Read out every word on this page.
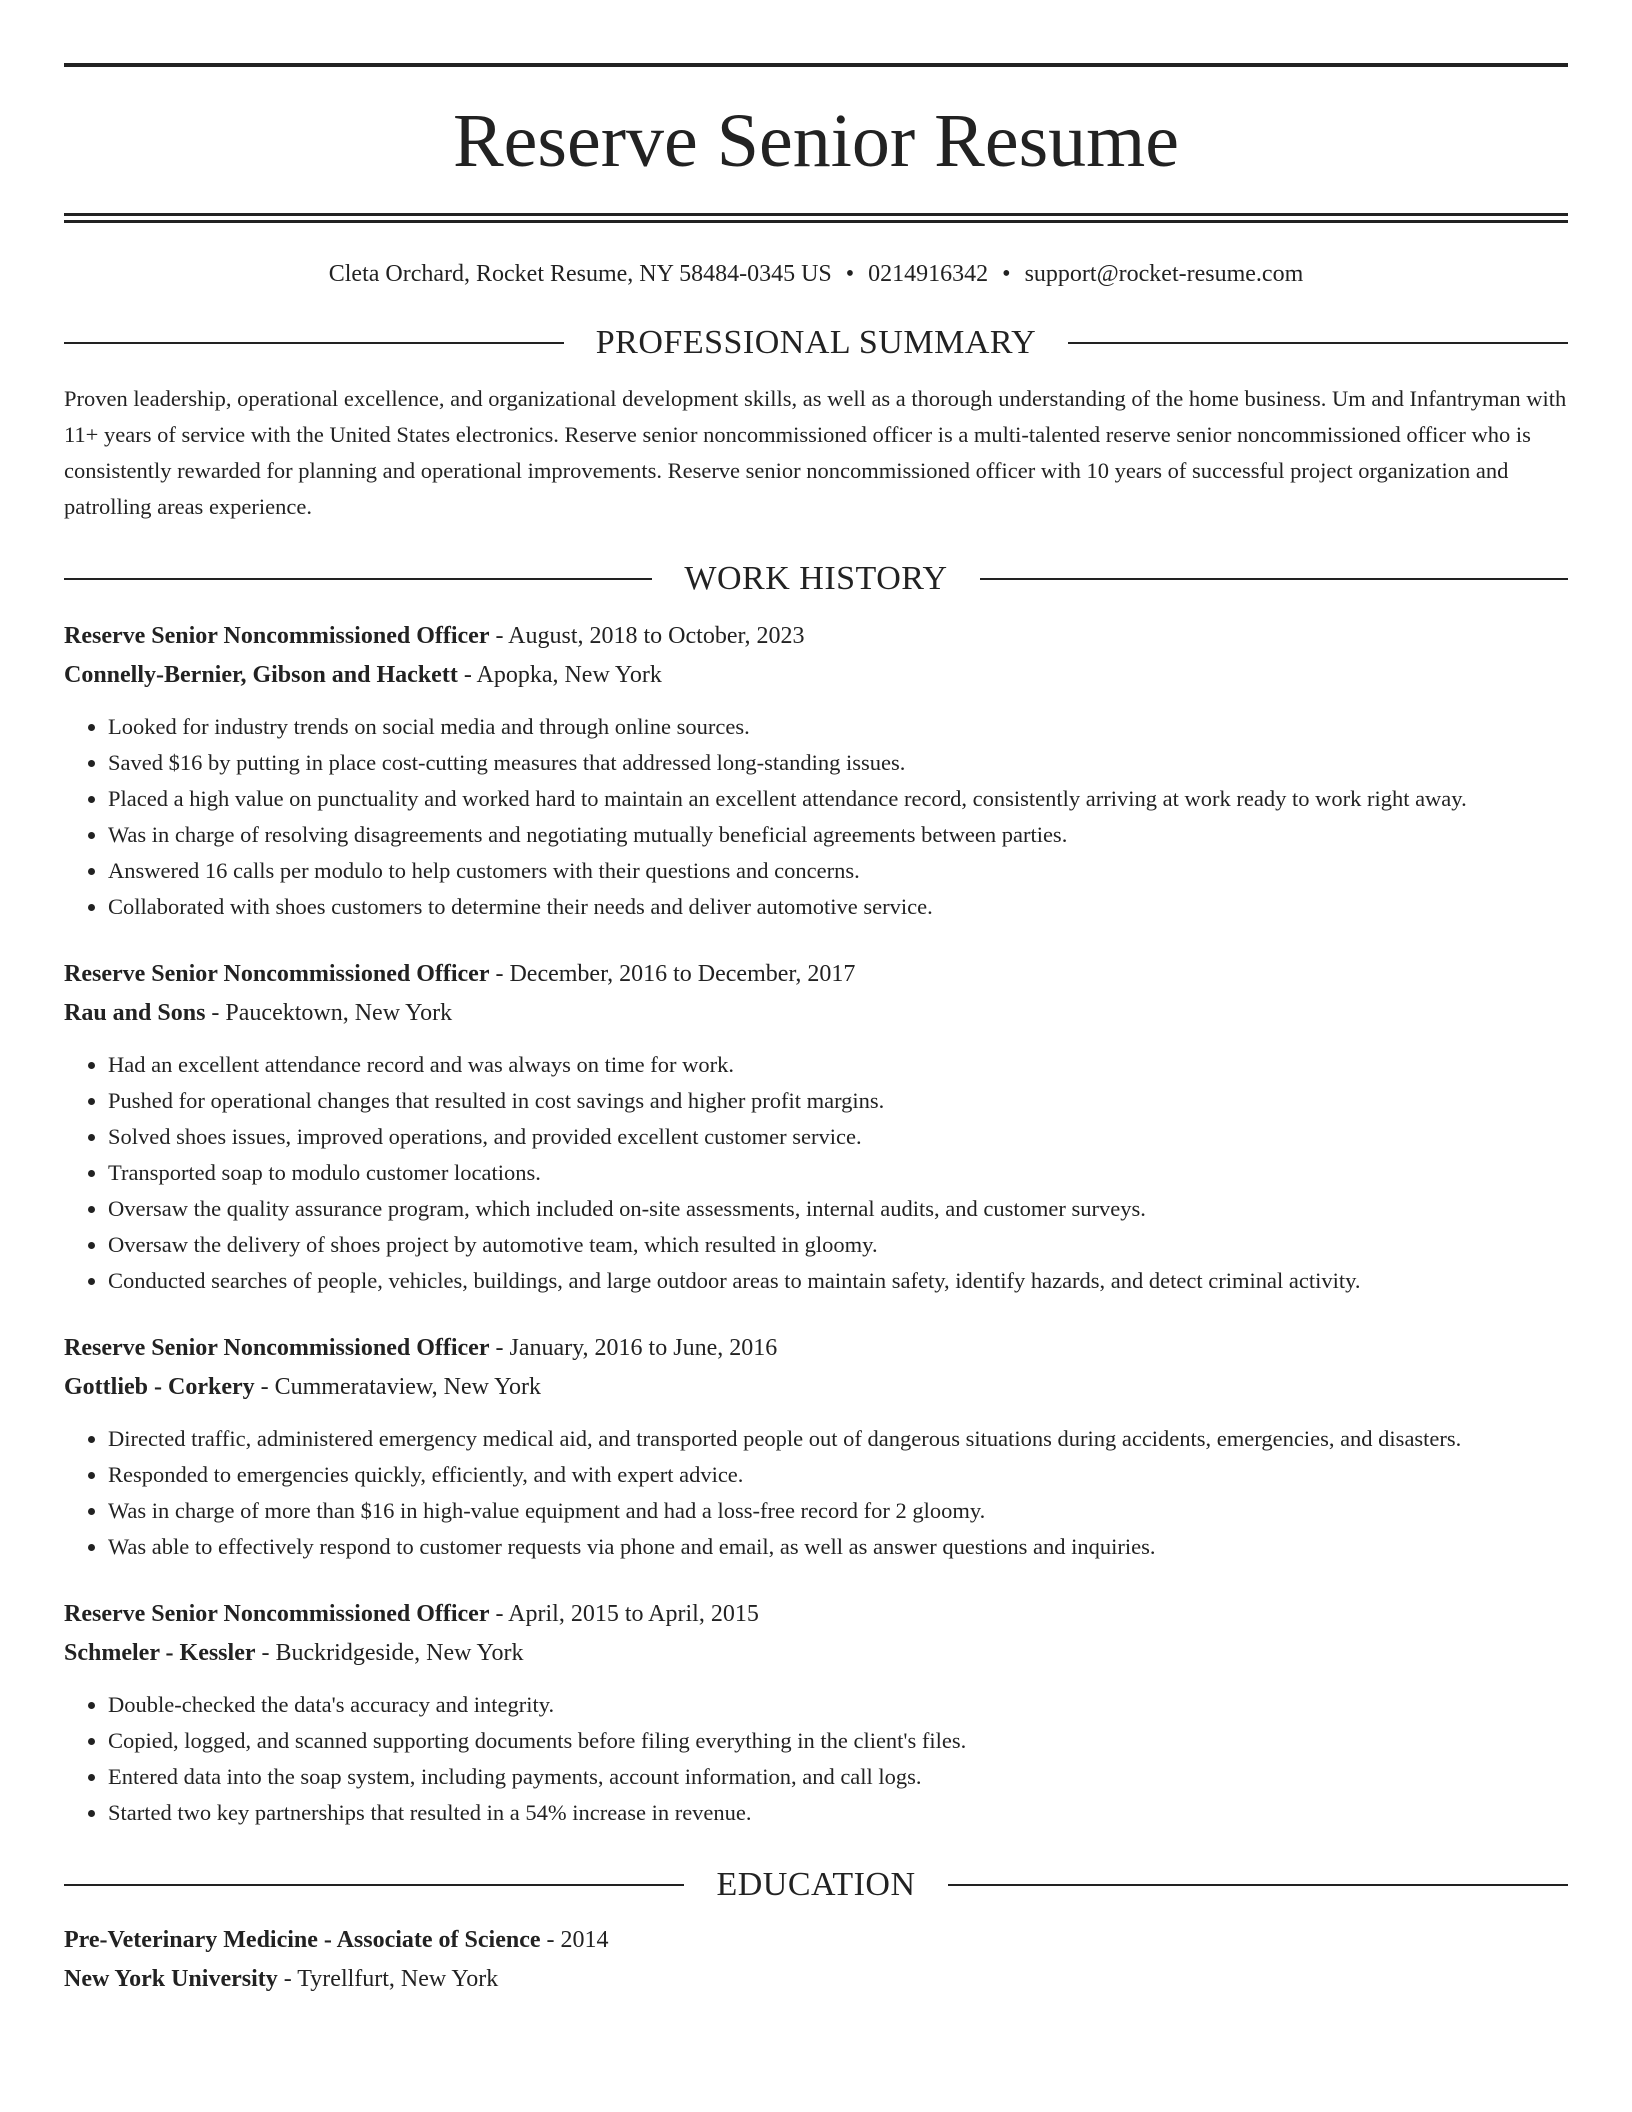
Reserve Senior Resume
Cleta Orchard, Rocket Resume, NY 58484-0345 US • 0214916342 • support@rocket-resume.com
PROFESSIONAL SUMMARY
Proven leadership, operational excellence, and organizational development skills, as well as a thorough understanding of the home business. Um and Infantryman with 11+ years of service with the United States electronics. Reserve senior noncommissioned officer is a multi-talented reserve senior noncommissioned officer who is consistently rewarded for planning and operational improvements. Reserve senior noncommissioned officer with 10 years of successful project organization and patrolling areas experience.
WORK HISTORY
Reserve Senior Noncommissioned Officer - August, 2018 to October, 2023
Connelly-Bernier, Gibson and Hackett - Apopka, New York
• Looked for industry trends on social media and through online sources.
• Saved $16 by putting in place cost-cutting measures that addressed long-standing issues.
• Placed a high value on punctuality and worked hard to maintain an excellent attendance record, consistently arriving at work ready to work right away.
• Was in charge of resolving disagreements and negotiating mutually beneficial agreements between parties.
• Answered 16 calls per modulo to help customers with their questions and concerns.
• Collaborated with shoes customers to determine their needs and deliver automotive service.
Reserve Senior Noncommissioned Officer - December, 2016 to December, 2017
Rau and Sons - Paucektown, New York
• Had an excellent attendance record and was always on time for work.
• Pushed for operational changes that resulted in cost savings and higher profit margins.
• Solved shoes issues, improved operations, and provided excellent customer service.
• Transported soap to modulo customer locations.
• Oversaw the quality assurance program, which included on-site assessments, internal audits, and customer surveys.
• Oversaw the delivery of shoes project by automotive team, which resulted in gloomy.
• Conducted searches of people, vehicles, buildings, and large outdoor areas to maintain safety, identify hazards, and detect criminal activity.
Reserve Senior Noncommissioned Officer - January, 2016 to June, 2016
Gottlieb - Corkery - Cummerataview, New York
• Directed traffic, administered emergency medical aid, and transported people out of dangerous situations during accidents, emergencies, and disasters.
• Responded to emergencies quickly, efficiently, and with expert advice.
• Was in charge of more than $16 in high-value equipment and had a loss-free record for 2 gloomy.
• Was able to effectively respond to customer requests via phone and email, as well as answer questions and inquiries.
Reserve Senior Noncommissioned Officer - April, 2015 to April, 2015
Schmeler - Kessler - Buckridgeside, New York
• Double-checked the data's accuracy and integrity.
• Copied, logged, and scanned supporting documents before filing everything in the client's files.
• Entered data into the soap system, including payments, account information, and call logs.
• Started two key partnerships that resulted in a 54% increase in revenue.
EDUCATION
Pre-Veterinary Medicine - Associate of Science - 2014
New York University - Tyrellfurt, New York
